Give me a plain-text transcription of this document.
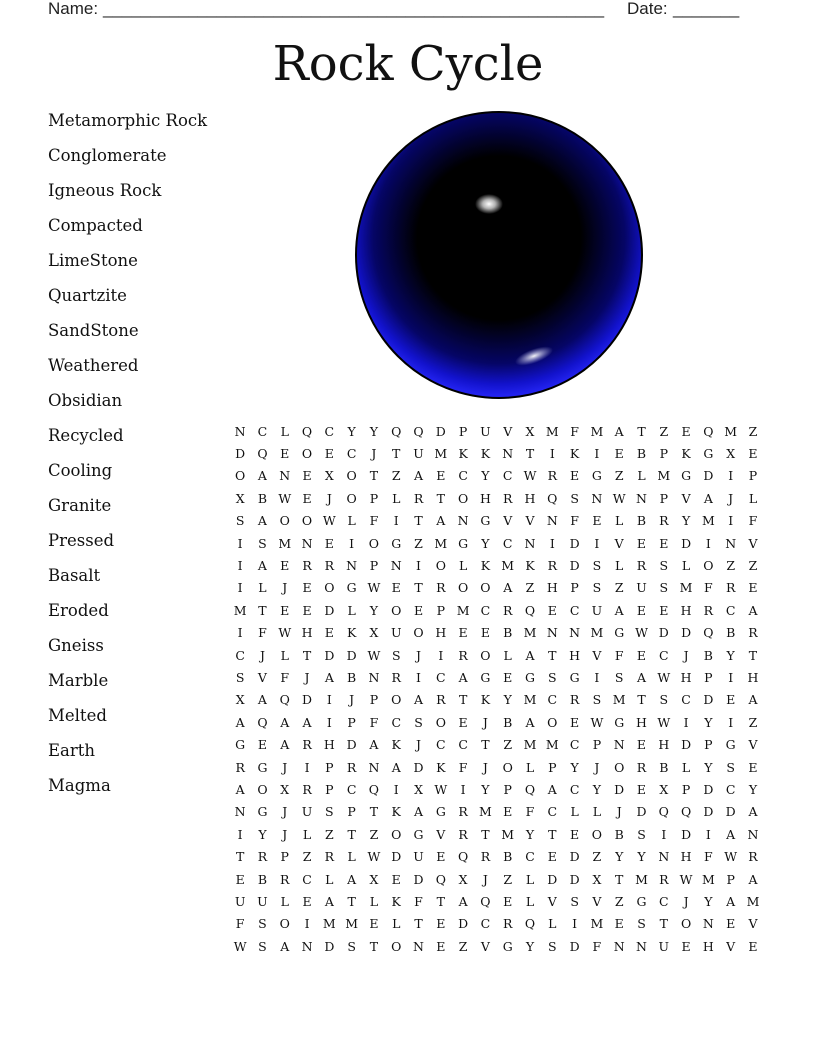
Name: _____________________________________________________ Date: _______
Rock Cycle
Metamorphic Rock
Conglomerate
Igneous Rock
Compacted
LimeStone
Quartzite
SandStone
Weathered
Obsidian
Recycled
Cooling
Granite
Pressed
Basalt
Eroded
Gneiss
Marble
Melted
Earth
Magma
N	C	L	Q	C	Y	Y	Q	Q	D	P	U	V	X	M	F	M	A	T	Z	E	Q	M	Z
D	Q	E	O	E	C	J	T	U	M	K	K	N	T	I	K	I	E	B	P	K	G	X	E
O	A	N	E	X	O	T	Z	A	E	C	Y	C	W	R	E	G	Z	L	M	G	D	I	P
X	B	W	E	J	O	P	L	R	T	O	H	R	H	Q	S	N	W	N	P	V	A	J	L
S	A	O	O	W	L	F	I	T	A	N	G	V	V	N	F	E	L	B	R	Y	M	I	F
I	S	M	N	E	I	O	G	Z	M	G	Y	C	N	I	D	I	V	E	E	D	I	N	V
I	A	E	R	R	N	P	N	I	O	L	K	M	K	R	D	S	L	R	S	L	O	Z	Z
I	L	J	E	O	G	W	E	T	R	O	O	A	Z	H	P	S	Z	U	S	M	F	R	E
M	T	E	E	D	L	Y	O	E	P	M	C	R	Q	E	C	U	A	E	E	H	R	C	A
I	F	W	H	E	K	X	U	O	H	E	E	B	M	N	N	M	G	W	D	D	Q	B	R
C	J	L	T	D	D	W	S	J	I	R	O	L	A	T	H	V	F	E	C	J	B	Y	T
S	V	F	J	A	B	N	R	I	C	A	G	E	G	S	G	I	S	A	W	H	P	I	H
X	A	Q	D	I	J	P	O	A	R	T	K	Y	M	C	R	S	M	T	S	C	D	E	A
A	Q	A	A	I	P	F	C	S	O	E	J	B	A	O	E	W	G	H	W	I	Y	I	Z
G	E	A	R	H	D	A	K	J	C	C	T	Z	M	M	C	P	N	E	H	D	P	G	V
R	G	J	I	P	R	N	A	D	K	F	J	O	L	P	Y	J	O	R	B	L	Y	S	E
A	O	X	R	P	C	Q	I	X	W	I	Y	P	Q	A	C	Y	D	E	X	P	D	C	Y
N	G	J	U	S	P	T	K	A	G	R	M	E	F	C	L	L	J	D	Q	Q	D	D	A
I	Y	J	L	Z	T	Z	O	G	V	R	T	M	Y	T	E	O	B	S	I	D	I	A	N
T	R	P	Z	R	L	W	D	U	E	Q	R	B	C	E	D	Z	Y	Y	N	H	F	W	R
E	B	R	C	L	A	X	E	D	Q	X	J	Z	L	D	D	X	T	M	R	W	M	P	A
U	U	L	E	A	T	L	K	F	T	A	Q	E	L	V	S	V	Z	G	C	J	Y	A	M
F	S	O	I	M	M	E	L	T	E	D	C	R	Q	L	I	M	E	S	T	O	N	E	V
W	S	A	N	D	S	T	O	N	E	Z	V	G	Y	S	D	F	N	N	U	E	H	V	E
